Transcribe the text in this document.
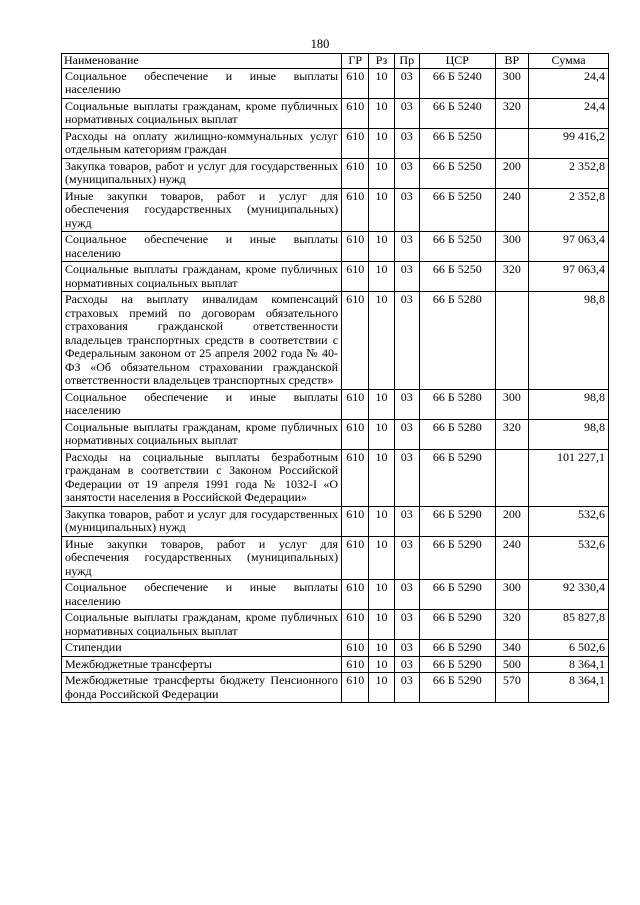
180
Наименование	ГР	Рз	Пр	ЦСР	ВР	Сумма
Социальное обеспечение и иные выплаты населению	610	10	03	66 Б 5240	300	24,4
Социальные выплаты гражданам, кроме публичных нормативных социальных выплат	610	10	03	66 Б 5240	320	24,4
Расходы на оплату жилищно-коммунальных услуг отдельным категориям граждан	610	10	03	66 Б 5250		99 416,2
Закупка товаров, работ и услуг для государственных (муниципальных) нужд	610	10	03	66 Б 5250	200	2 352,8
Иные закупки товаров, работ и услуг для обеспечения государственных (муниципальных) нужд	610	10	03	66 Б 5250	240	2 352,8
Социальное обеспечение и иные выплаты населению	610	10	03	66 Б 5250	300	97 063,4
Социальные выплаты гражданам, кроме публичных нормативных социальных выплат	610	10	03	66 Б 5250	320	97 063,4
Расходы на выплату инвалидам компенсаций страховых премий по договорам обязательного страхования гражданской ответственности владельцев транспортных средств в соответствии с Федеральным законом от 25 апреля 2002 года № 40-ФЗ «Об обязательном страховании гражданской ответственности владельцев транспортных средств»	610	10	03	66 Б 5280		98,8
Социальное обеспечение и иные выплаты населению	610	10	03	66 Б 5280	300	98,8
Социальные выплаты гражданам, кроме публичных нормативных социальных выплат	610	10	03	66 Б 5280	320	98,8
Расходы на социальные выплаты безработным гражданам в соответствии с Законом Российской Федерации от 19 апреля 1991 года № 1032-I «О занятости населения в Российской Федерации»	610	10	03	66 Б 5290		101 227,1
Закупка товаров, работ и услуг для государственных (муниципальных) нужд	610	10	03	66 Б 5290	200	532,6
Иные закупки товаров, работ и услуг для обеспечения государственных (муниципальных) нужд	610	10	03	66 Б 5290	240	532,6
Социальное обеспечение и иные выплаты населению	610	10	03	66 Б 5290	300	92 330,4
Социальные выплаты гражданам, кроме публичных нормативных социальных выплат	610	10	03	66 Б 5290	320	85 827,8
Стипендии	610	10	03	66 Б 5290	340	6 502,6
Межбюджетные трансферты	610	10	03	66 Б 5290	500	8 364,1
Межбюджетные трансферты бюджету Пенсионного фонда Российской Федерации	610	10	03	66 Б 5290	570	8 364,1
